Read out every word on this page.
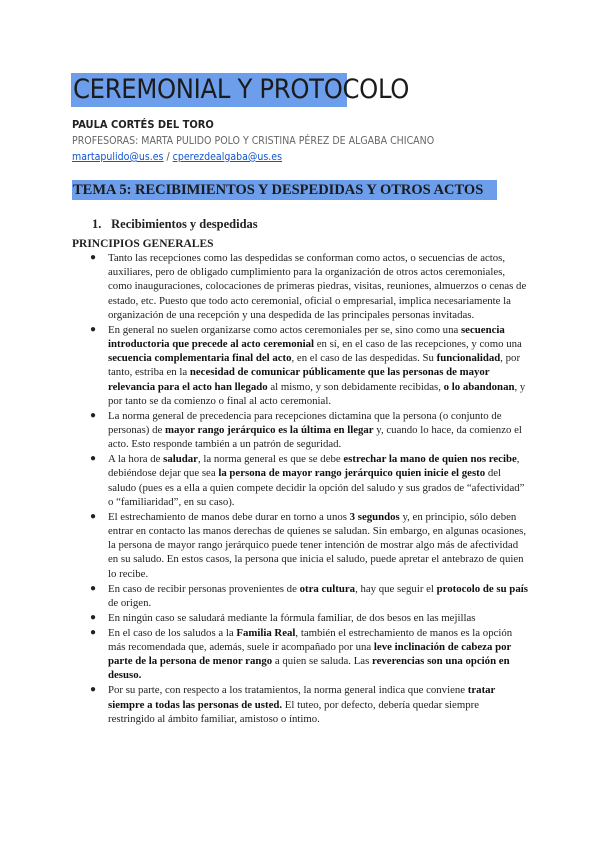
CEREMONIAL Y PROTOCOLO
PAULA CORTÉS DEL TORO
PROFESORAS: MARTA PULIDO POLO Y CRISTINA PÉREZ DE ALGABA CHICANO
martapulido@us.es / cperezdealgaba@us.es
TEMA 5: RECIBIMIENTOS Y DESPEDIDAS Y OTROS ACTOS
1. Recibimientos y despedidas
PRINCIPIOS GENERALES
● Tanto las recepciones como las despedidas se conforman como actos, o secuencias de actos, auxiliares, pero de obligado cumplimiento para la organización de otros actos ceremoniales, como inauguraciones, colocaciones de primeras piedras, visitas, reuniones, almuerzos o cenas de estado, etc. Puesto que todo acto ceremonial, oficial o empresarial, implica necesariamente la organización de una recepción y una despedida de las principales personas invitadas.
● En general no suelen organizarse como actos ceremoniales per se, sino como una secuencia introductoria que precede al acto ceremonial en sí, en el caso de las recepciones, y como una secuencia complementaria final del acto, en el caso de las despedidas. Su funcionalidad, por tanto, estriba en la necesidad de comunicar públicamente que las personas de mayor relevancia para el acto han llegado al mismo, y son debidamente recibidas, o lo abandonan, y por tanto se da comienzo o final al acto ceremonial.
● La norma general de precedencia para recepciones dictamina que la persona (o conjunto de personas) de mayor rango jerárquico es la última en llegar y, cuando lo hace, da comienzo el acto. Esto responde también a un patrón de seguridad.
● A la hora de saludar, la norma general es que se debe estrechar la mano de quien nos recibe, debiéndose dejar que sea la persona de mayor rango jerárquico quien inicie el gesto del saludo (pues es a ella a quien compete decidir la opción del saludo y sus grados de “afectividad” o “familiaridad”, en su caso).
● El estrechamiento de manos debe durar en torno a unos 3 segundos y, en principio, sólo deben entrar en contacto las manos derechas de quienes se saludan. Sin embargo, en algunas ocasiones, la persona de mayor rango jerárquico puede tener intención de mostrar algo más de afectividad en su saludo. En estos casos, la persona que inicia el saludo, puede apretar el antebrazo de quien lo recibe.
● En caso de recibir personas provenientes de otra cultura, hay que seguir el protocolo de su país de origen.
● En ningún caso se saludará mediante la fórmula familiar, de dos besos en las mejillas
● En el caso de los saludos a la Familia Real, también el estrechamiento de manos es la opción más recomendada que, además, suele ir acompañado por una leve inclinación de cabeza por parte de la persona de menor rango a quien se saluda. Las reverencias son una opción en desuso.
● Por su parte, con respecto a los tratamientos, la norma general indica que conviene tratar siempre a todas las personas de usted. El tuteo, por defecto, debería quedar siempre restringido al ámbito familiar, amistoso o íntimo.
